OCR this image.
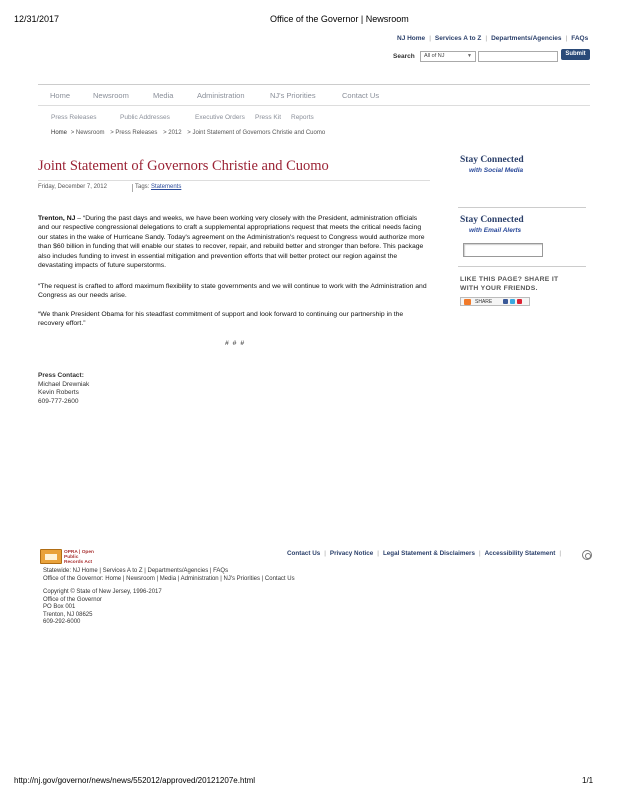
12/31/2017	Office of the Governor | Newsroom
NJ Home | Services A to Z | Departments/Agencies | FAQs
Search	All of NJ	▼	Submit
Home	Newsroom	Media	Administration	NJ's Priorities	Contact Us
Press Releases	Public Addresses	Executive Orders Press Kit Reports
Home > Newsroom > Press Releases > 2012 > Joint Statement of Governors Christie and Cuomo
Joint Statement of Governors Christie and Cuomo
Friday, December 7, 2012	Tags: Statements

Trenton, NJ – “During the past days and weeks, we have been working very closely with the President, administration officials and our respective congressional delegations to craft a supplemental appropriations request that meets the critical needs facing our states in the wake of Hurricane Sandy. Today's agreement on the Administration's request to Congress would authorize more than $60 billion in funding that will enable our states to recover, repair, and rebuild better and stronger than before. This package also includes funding to invest in essential mitigation and prevention efforts that will better protect our region against the devastating impacts of future superstorms.

“The request is crafted to afford maximum flexibility to state governments and we will continue to work with the Administration and Congress as our needs arise.

“We thank President Obama for his steadfast commitment of support and look forward to continuing our partnership in the recovery effort.”

# # #
Press Contact:
Michael Drewniak
Kevin Roberts
609-777-2600
Stay Connected
with Social Media
Stay Connected
with Email Alerts
LIKE THIS PAGE? SHARE IT
WITH YOUR FRIENDS.
SHARE
OPRA | Open
Public Records Act
Contact Us | Privacy Notice | Legal Statement & Disclaimers | Accessibility Statement |
Statewide: NJ Home | Services A to Z | Departments/Agencies | FAQs
Office of the Governor: Home | Newsroom | Media | Administration | NJ's Priorities | Contact Us
Copyright © State of New Jersey, 1996-2017
Office of the Governor
PO Box 001
Trenton, NJ 08625
609-292-6000
http://nj.gov/governor/news/news/552012/approved/20121207e.html	1/1
